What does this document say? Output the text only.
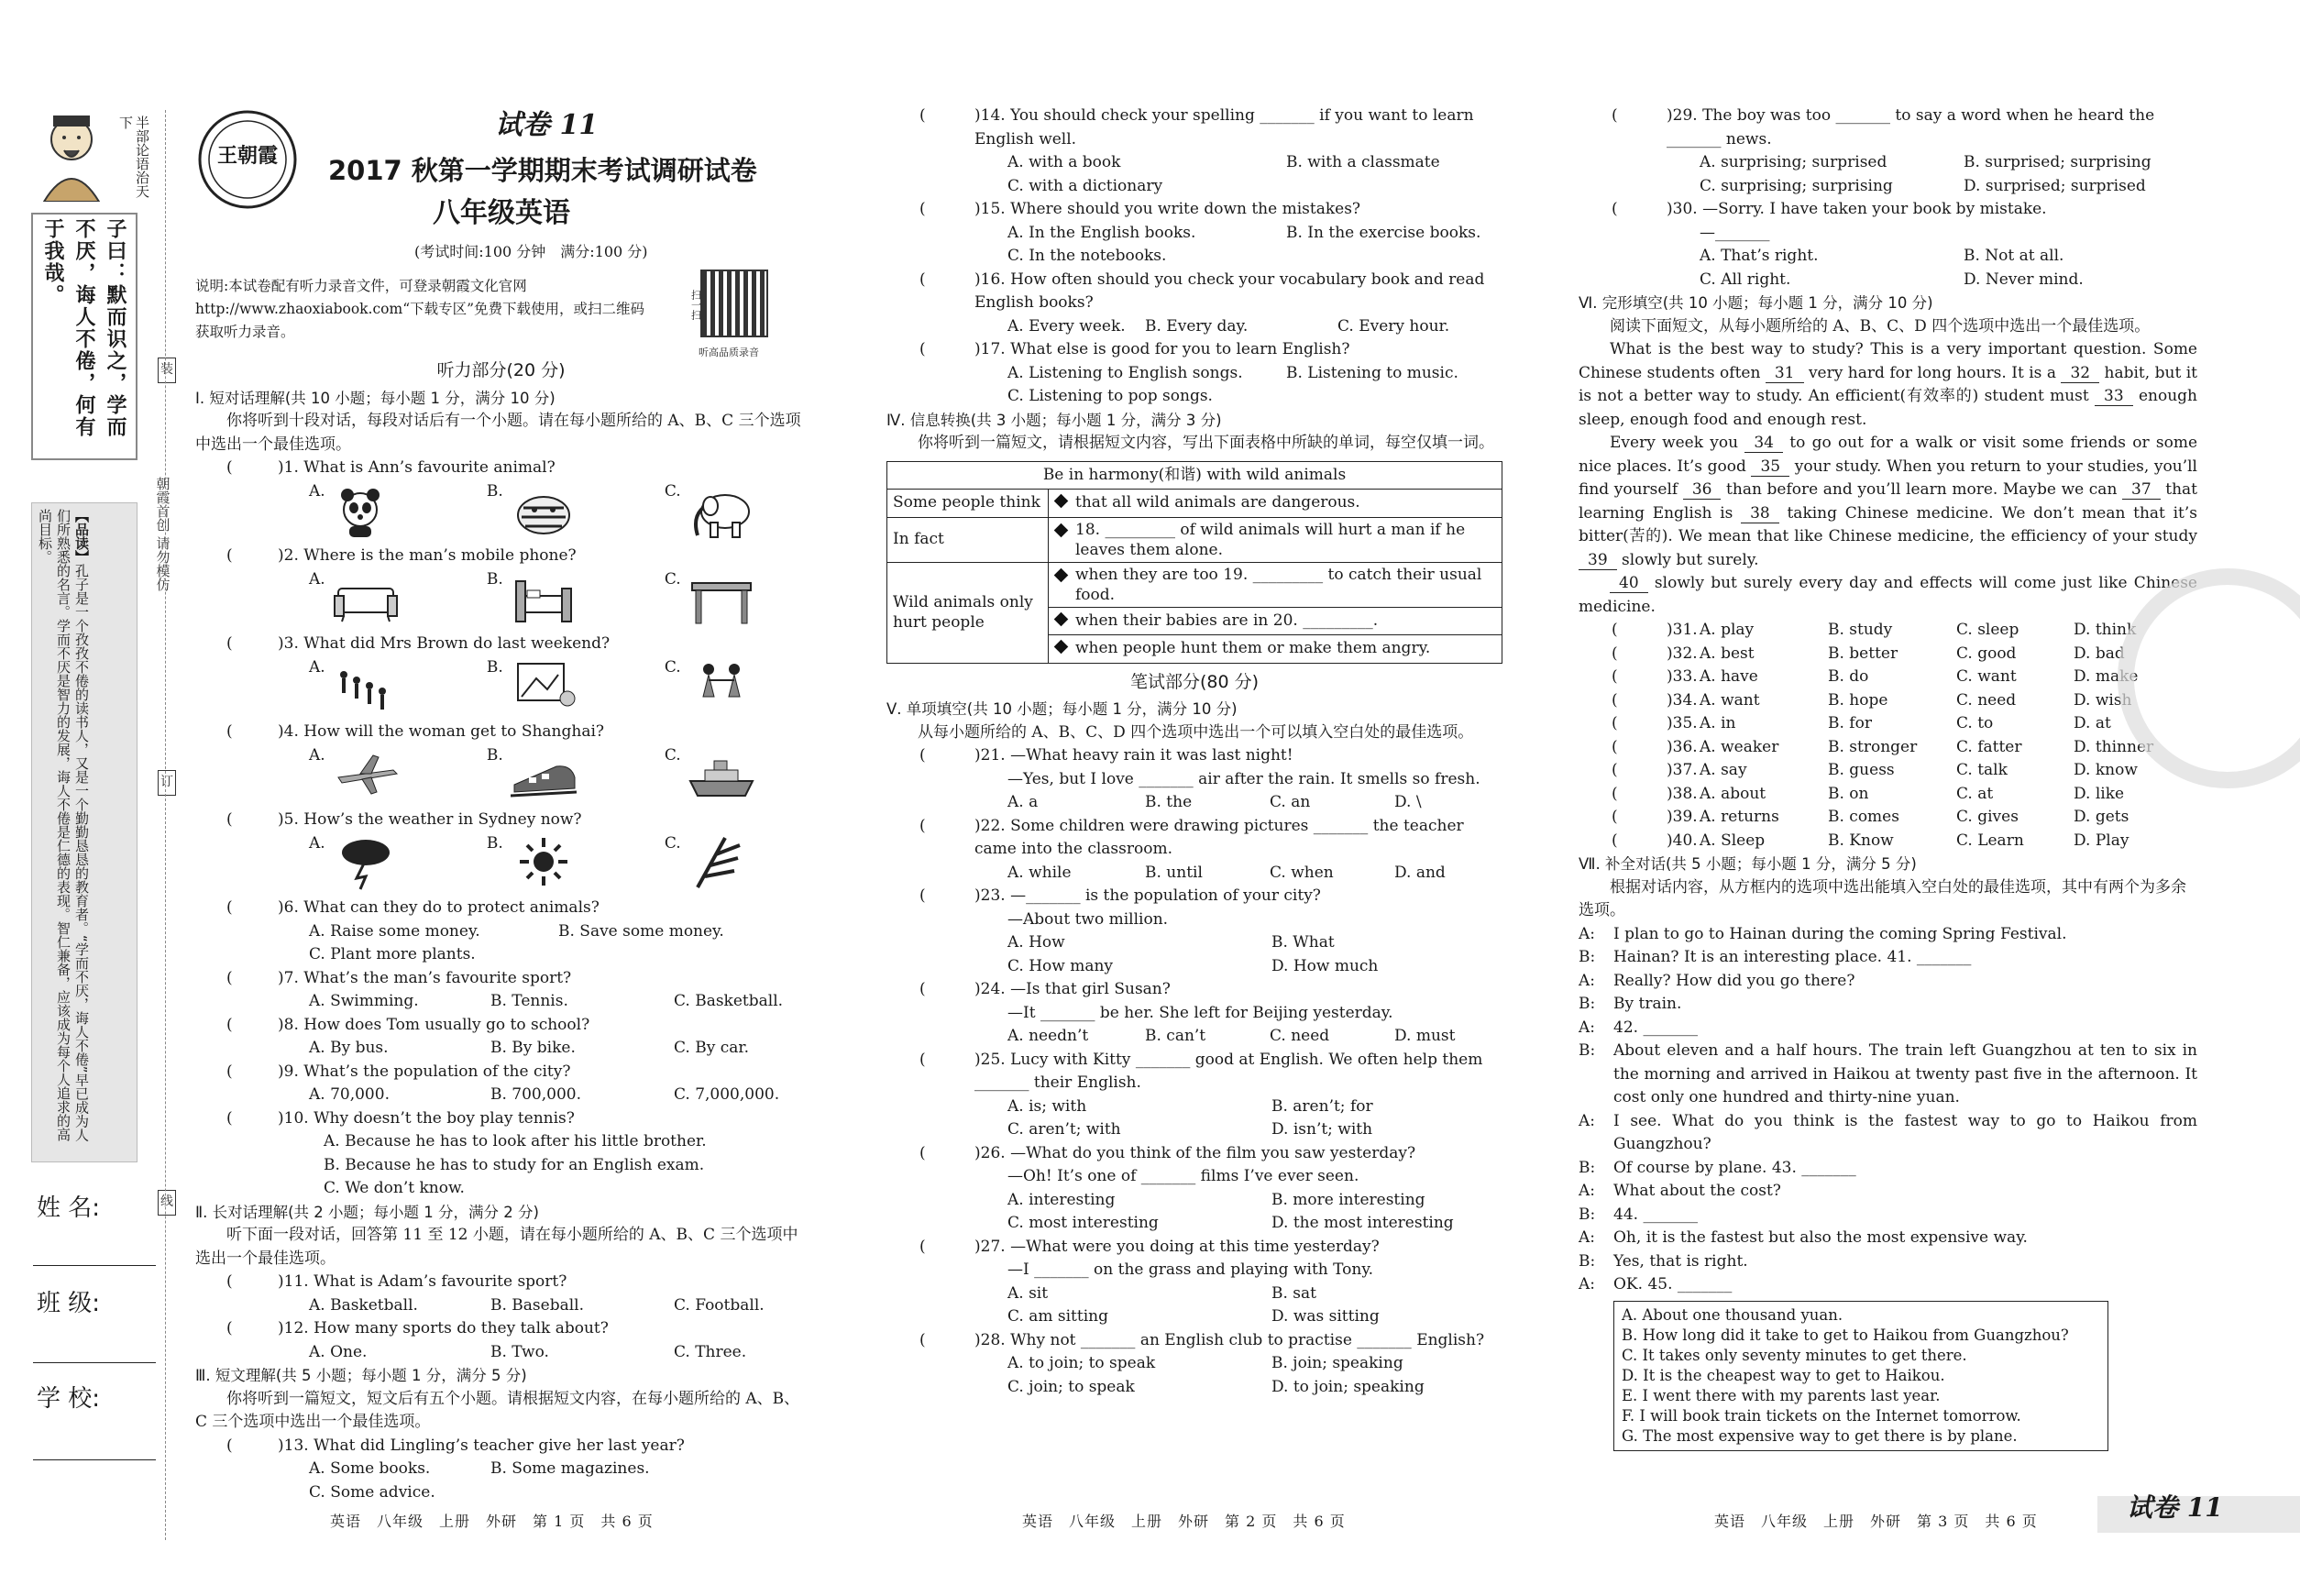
半部论语治天下
子曰：默而识之，学而不厌，诲人不倦，何有于我哉。
【品读】孔子是一个孜孜不倦的读书人，又是一个勤勤恳恳的教育者。“学而不厌，诲人不倦”早已成为人们所熟悉的名言。学而不厌是智力的发展，诲人不倦是仁德的表现。智仁兼备，应该成为每个人追求的高尚目标。	朝霞首创 请勿模仿
装
订
线
姓 名:
班 级:
学 校:
王朝霞
试卷 11
2017 秋第一学期期末考试调研试卷
八年级英语
(考试时间:100 分钟　满分:100 分)
说明:本试卷配有听力录音文件，可登录朝霞文化官网 http://www.zhaoxiabook.com“下载专区”免费下载使用，或扫二维码获取听力录音。
扫一扫
听高品质录音
听力部分(20 分)
Ⅰ. 短对话理解(共 10 小题；每小题 1 分，满分 10 分)
你将听到十段对话，每段对话后有一个小题。请在每小题所给的 A、B、C 三个选项中选出一个最佳选项。
(	)1. What is Ann’s favourite animal?
A.	B.	C.
(	)2. Where is the man’s mobile phone?
A.	B.	C.
(	)3. What did Mrs Brown do last weekend?
A.	B.	C.
(	)4. How will the woman get to Shanghai?
A.	B.	C.
(	)5. How’s the weather in Sydney now?
A.	B.	C.
(	)6. What can they do to protect animals?
A. Raise some money.	B. Save some money.
C. Plant more plants.
(	)7. What’s the man’s favourite sport?
A. Swimming.	B. Tennis.	C. Basketball.
(	)8. How does Tom usually go to school?
A. By bus.	B. By bike.	C. By car.
(	)9. What’s the population of the city?
A. 70,000.	B. 700,000.	C. 7,000,000.
(	)10. Why doesn’t the boy play tennis?
A. Because he has to look after his little brother.
B. Because he has to study for an English exam.
C. We don’t know.
Ⅱ. 长对话理解(共 2 小题；每小题 1 分，满分 2 分)
听下面一段对话，回答第 11 至 12 小题，请在每小题所给的 A、B、C 三个选项中选出一个最佳选项。
(	)11. What is Adam’s favourite sport?
A. Basketball.	B. Baseball.	C. Football.
(	)12. How many sports do they talk about?
A. One.	B. Two.	C. Three.
Ⅲ. 短文理解(共 5 小题；每小题 1 分，满分 5 分)
你将听到一篇短文，短文后有五个小题。请根据短文内容，在每小题所给的 A、B、C 三个选项中选出一个最佳选项。
(	)13. What did Lingling’s teacher give her last year?
A. Some books.	B. Some magazines.
C. Some advice.
(	)14. You should check your spelling _______ if you want to learn English well.
A. with a book	B. with a classmate
C. with a dictionary
(	)15. Where should you write down the mistakes?
A. In the English books.	B. In the exercise books.
C. In the notebooks.
(	)16. How often should you check your vocabulary book and read English books?
A. Every week.	B. Every day.	C. Every hour.
(	)17. What else is good for you to learn English?
A. Listening to English songs.	B. Listening to music.
C. Listening to pop songs.
Ⅳ. 信息转换(共 3 小题；每小题 1 分，满分 3 分)
你将听到一篇短文，请根据短文内容，写出下面表格中所缺的单词，每空仅填一词。
Be in harmony(和谐) with wild animals	
Some people think	that all wild animals are dangerous.
In fact	18. _________ of wild animals will hurt a man if he leaves them alone.

Wild animals only hurt people	when they are too 19. _________ to catch their usual food.

	when their babies are in 20. _________.
	when people hunt them or make them angry.
笔试部分(80 分)
Ⅴ. 单项填空(共 10 小题；每小题 1 分，满分 10 分)
从每小题所给的 A、B、C、D 四个选项中选出一个可以填入空白处的最佳选项。
(	)21. —What heavy rain it was last night!
—Yes, but I love _______ air after the rain. It smells so fresh.
A. a	B. the	C. an	D. \
(	)22. Some children were drawing pictures _______ the teacher came into the classroom.
A. while	B. until	C. when	D. and
(	)23. —_______ is the population of your city?
—About two million.
A. How	B. What
C. How many	D. How much
(	)24. —Is that girl Susan?
—It _______ be her. She left for Beijing yesterday.
A. needn’t	B. can’t	C. need	D. must
(	)25. Lucy with Kitty _______ good at English. We often help them _______ their English.
A. is; with	B. aren’t; for
C. aren’t; with	D. isn’t; with
(	)26. —What do you think of the film you saw yesterday?
—Oh! It’s one of _______ films I’ve ever seen.
A. interesting	B. more interesting
C. most interesting	D. the most interesting
(	)27. —What were you doing at this time yesterday?
—I _______ on the grass and playing with Tony.
A. sit	B. sat
C. am sitting	D. was sitting
(	)28. Why not _______ an English club to practise _______ English?
A. to join; to speak	B. join; speaking
C. join; to speak	D. to join; speaking
(	)29. The boy was too _______ to say a word when he heard the _______ news.
A. surprising; surprised	B. surprised; surprising
C. surprising; surprising	D. surprised; surprised
(	)30. —Sorry. I have taken your book by mistake.
—_______
A. That’s right.	B. Not at all.
C. All right.	D. Never mind.
Ⅵ. 完形填空(共 10 小题；每小题 1 分，满分 10 分)
阅读下面短文，从每小题所给的 A、B、C、D 四个选项中选出一个最佳选项。
What is the best way to study? This is a very important question. Some Chinese students often 31 very hard for long hours. It is a 32 habit, but it is not a better way to study. An efficient(有效率的) student must 33 enough sleep, enough food and enough rest.
Every week you 34 to go out for a walk or visit some friends or some nice places. It’s good 35 your study. When you return to your studies, you’ll find yourself 36 than before and you’ll learn more. Maybe we can 37 that learning English is 38 taking Chinese medicine. We don’t mean that it’s bitter(苦的). We mean that like Chinese medicine, the efficiency of your study 39 slowly but surely.
40 slowly but surely every day and effects will come just like Chinese medicine.
(	)31. A. play	B. study	C. sleep	D. think
(	)32. A. best	B. better	C. good	D. bad
(	)33. A. have	B. do	C. want	D. make
(	)34. A. want	B. hope	C. need	D. wish
(	)35. A. in	B. for	C. to	D. at
(	)36. A. weaker	B. stronger	C. fatter	D. thinner
(	)37. A. say	B. guess	C. talk	D. know
(	)38. A. about	B. on	C. at	D. like
(	)39. A. returns	B. comes	C. gives	D. gets
(	)40. A. Sleep	B. Know	C. Learn	D. Play
Ⅶ. 补全对话(共 5 小题；每小题 1 分，满分 5 分)
根据对话内容，从方框内的选项中选出能填入空白处的最佳选项，其中有两个为多余选项。
A:	I plan to go to Hainan during the coming Spring Festival.
B:	Hainan? It is an interesting place. 41. _______
A:	Really? How did you go there?
B:	By train.
A:	42. _______
B:	About eleven and a half hours. The train left Guangzhou at ten to six in the morning and arrived in Haikou at twenty past five in the afternoon. It cost only one hundred and thirty-nine yuan.
A:	I see. What do you think is the fastest way to go to Haikou from Guangzhou?
B:	Of course by plane. 43. _______
A:	What about the cost?
B:	44. _______
A:	Oh, it is the fastest but also the most expensive way.
B:	Yes, that is right.
A:	OK. 45. _______
A. About one thousand yuan.
B. How long did it take to get to Haikou from Guangzhou?
C. It takes only seventy minutes to get there.
D. It is the cheapest way to get to Haikou.
E. I went there with my parents last year.
F. I will book train tickets on the Internet tomorrow.
G. The most expensive way to get there is by plane.
英语　八年级　上册　外研　第 1 页　共 6 页	英语　八年级　上册　外研　第 2 页　共 6 页	英语　八年级　上册　外研　第 3 页　共 6 页	试卷 11
